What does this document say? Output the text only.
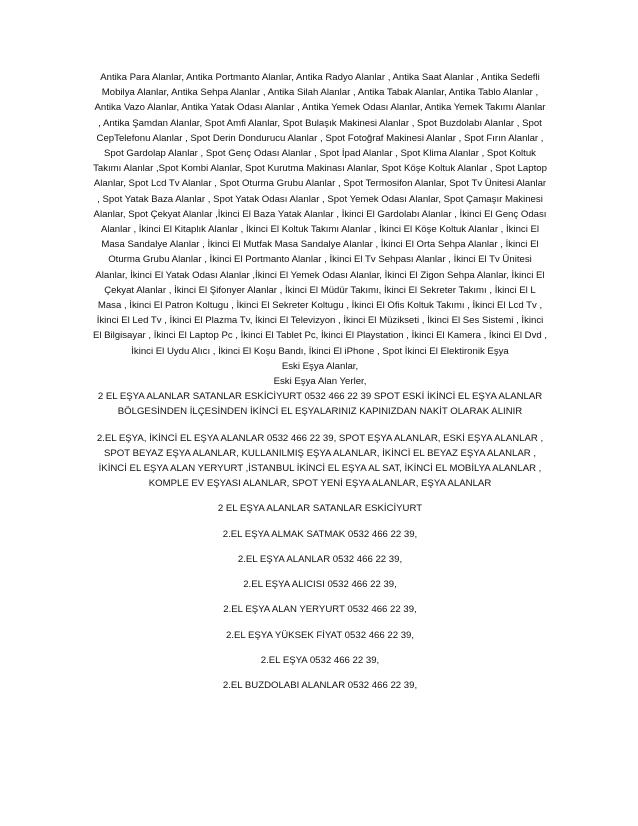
Antika Para Alanlar, Antika Portmanto Alanlar, Antika Radyo Alanlar , Antika Saat Alanlar , Antika Sedefli Mobilya Alanlar, Antika Sehpa Alanlar , Antika Silah Alanlar , Antika Tabak Alanlar, Antika Tablo Alanlar , Antika Vazo Alanlar, Antika Yatak Odası Alanlar , Antika Yemek Odası Alanlar, Antika Yemek Takımı Alanlar , Antika Şamdan Alanlar, Spot Amfi Alanlar, Spot Bulaşık Makinesi Alanlar , Spot Buzdolabı Alanlar , Spot CepTelefonu Alanlar , Spot Derin Dondurucu Alanlar , Spot Fotoğraf Makinesi Alanlar , Spot Fırın Alanlar , Spot Gardolap Alanlar , Spot Genç Odası Alanlar , Spot İpad Alanlar , Spot Klima Alanlar , Spot Koltuk Takımı Alanlar ,Spot Kombi Alanlar, Spot Kurutma Makinası Alanlar, Spot Köşe Koltuk Alanlar , Spot Laptop Alanlar, Spot Lcd Tv Alanlar , Spot Oturma Grubu Alanlar , Spot Termosifon Alanlar, Spot Tv Ünitesi Alanlar , Spot Yatak Baza Alanlar , Spot Yatak Odası Alanlar , Spot Yemek Odası Alanlar, Spot Çamaşır Makinesi Alanlar, Spot Çekyat Alanlar ,İkinci El Baza Yatak Alanlar , İkinci El Gardolabı Alanlar , İkinci El Genç Odası Alanlar , İkinci El Kitaplık Alanlar , İkinci El Koltuk Takımı Alanlar , İkinci El Köşe Koltuk Alanlar , İkinci El Masa Sandalye Alanlar , İkinci El Mutfak Masa Sandalye Alanlar , İkinci El Orta Sehpa Alanlar , İkinci El Oturma Grubu Alanlar , İkinci El Portmanto Alanlar , İkinci El Tv Sehpası Alanlar , İkinci El Tv Ünitesi Alanlar, İkinci El Yatak Odası Alanlar ,İkinci El Yemek Odası Alanlar, İkinci El Zigon Sehpa Alanlar, İkinci El Çekyat Alanlar , İkinci El Şifonyer Alanlar , İkinci El Müdür Takımı, İkinci El Sekreter Takımı , İkinci El L Masa , İkinci El Patron Koltugu , İkinci El Sekreter Koltugu , İkinci El Ofis Koltuk Takımı , İkinci El Lcd Tv , İkinci El Led Tv , İkinci El Plazma Tv, İkinci El Televizyon , İkinci El Müzikseti , İkinci El Ses Sistemi , İkinci El Bilgisayar , İkinci El Laptop Pc , İkinci El Tablet Pc, İkinci El Playstation , İkinci El Kamera , İkinci El Dvd , İkinci El Uydu Alıcı , İkinci El Koşu Bandı, İkinci El iPhone , Spot İkinci El Elektironik Eşya

Eski Eşya Alanlar,

Eski Eşya Alan Yerler,

2 EL EŞYA ALANLAR SATANLAR ESKİCİYURT 0532 466 22 39 SPOT ESKİ İKİNCİ EL EŞYA ALANLAR

BÖLGESİNDEN İLÇESİNDEN İKİNCİ EL EŞYALARINIZ KAPINIZDAN NAKİT OLARAK ALINIR

2.EL EŞYA, İKİNCİ EL EŞYA ALANLAR 0532 466 22 39, SPOT EŞYA ALANLAR, ESKİ EŞYA ALANLAR , SPOT BEYAZ EŞYA ALANLAR, KULLANILMIŞ EŞYA ALANLAR, İKİNCİ EL BEYAZ EŞYA ALANLAR , İKİNCİ EL EŞYA ALAN YERYURT ,İSTANBUL İKİNCİ EL EŞYA AL SAT, İKİNCİ EL MOBİLYA ALANLAR , KOMPLE EV EŞYASI ALANLAR, SPOT YENİ EŞYA ALANLAR, EŞYA ALANLAR

2 EL EŞYA ALANLAR SATANLAR ESKİCİYURT

2.EL EŞYA ALMAK SATMAK 0532 466 22 39,

2.EL EŞYA ALANLAR 0532 466 22 39,

2.EL EŞYA ALICISI 0532 466 22 39,

2.EL EŞYA ALAN YERYURT 0532 466 22 39,

2.EL EŞYA YÜKSEK FİYAT 0532 466 22 39,

2.EL EŞYA 0532 466 22 39,

2.EL BUZDOLABI ALANLAR 0532 466 22 39,
